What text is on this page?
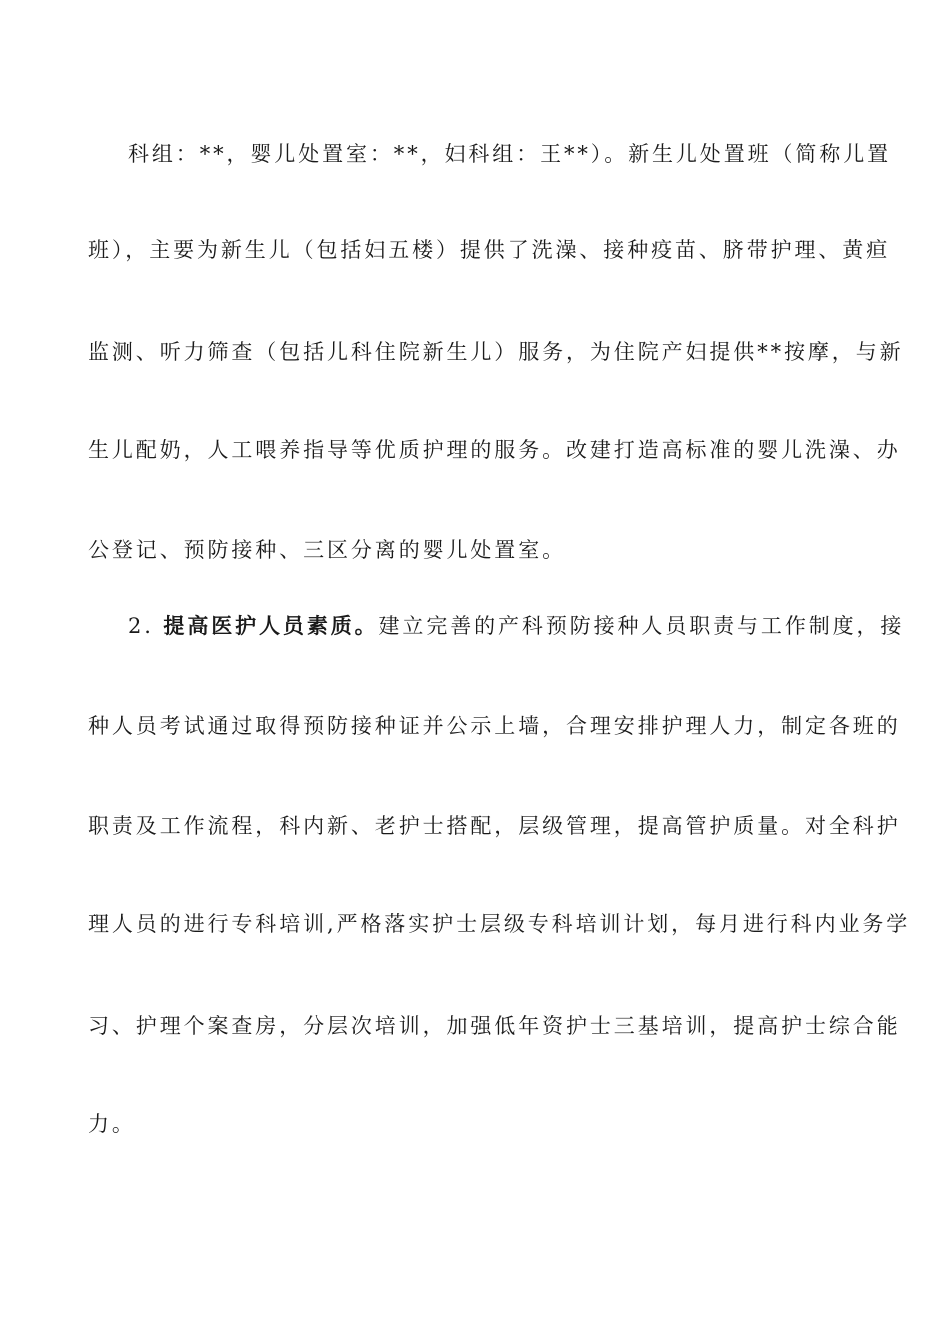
科组：**，婴儿处置室：**，妇科组：王**）。新生儿处置班（简称儿置
班），主要为新生儿（包括妇五楼）提供了洗澡、接种疫苗、脐带护理、黄疸
监测、听力筛查（包括儿科住院新生儿）服务，为住院产妇提供**按摩，与新
生儿配奶，人工喂养指导等优质护理的服务。改建打造高标准的婴儿洗澡、办
公登记、预防接种、三区分离的婴儿处置室。
2. 提高医护人员素质。建立完善的产科预防接种人员职责与工作制度，接
种人员考试通过取得预防接种证并公示上墙，合理安排护理人力，制定各班的
职责及工作流程，科内新、老护士搭配，层级管理，提高管护质量。对全科护
理人员的进行专科培训,严格落实护士层级专科培训计划，每月进行科内业务学
习、护理个案查房，分层次培训，加强低年资护士三基培训，提高护士综合能
力。
